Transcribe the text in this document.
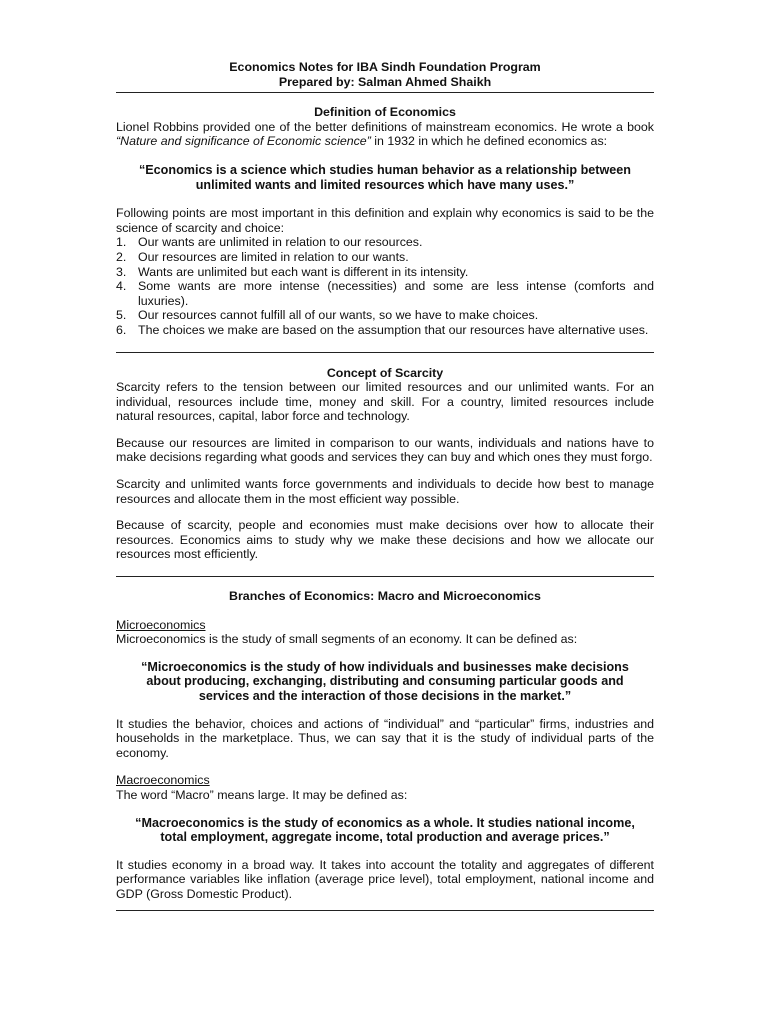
Economics Notes for IBA Sindh Foundation Program
Prepared by: Salman Ahmed Shaikh
Definition of Economics

Lionel Robbins provided one of the better definitions of mainstream economics. He wrote a book “Nature and significance of Economic science” in 1932 in which he defined economics as:

“Economics is a science which studies human behavior as a relationship between unlimited wants and limited resources which have many uses.”

Following points are most important in this definition and explain why economics is said to be the science of scarcity and choice:

1. Our wants are unlimited in relation to our resources.
2. Our resources are limited in relation to our wants.
3. Wants are unlimited but each want is different in its intensity.
4. Some wants are more intense (necessities) and some are less intense (comforts and luxuries).
5. Our resources cannot fulfill all of our wants, so we have to make choices.
6. The choices we make are based on the assumption that our resources have alternative uses.
Concept of Scarcity

Scarcity refers to the tension between our limited resources and our unlimited wants. For an individual, resources include time, money and skill. For a country, limited resources include natural resources, capital, labor force and technology.

Because our resources are limited in comparison to our wants, individuals and nations have to make decisions regarding what goods and services they can buy and which ones they must forgo.

Scarcity and unlimited wants force governments and individuals to decide how best to manage resources and allocate them in the most efficient way possible.

Because of scarcity, people and economies must make decisions over how to allocate their resources. Economics aims to study why we make these decisions and how we allocate our resources most efficiently.

Branches of Economics: Macro and Microeconomics

Microeconomics

Microeconomics is the study of small segments of an economy. It can be defined as:

“Microeconomics is the study of how individuals and businesses make decisions about producing, exchanging, distributing and consuming particular goods and services and the interaction of those decisions in the market.”

It studies the behavior, choices and actions of “individual” and “particular” firms, industries and households in the marketplace. Thus, we can say that it is the study of individual parts of the economy.

Macroeconomics

The word “Macro” means large. It may be defined as:

“Macroeconomics is the study of economics as a whole. It studies national income, total employment, aggregate income, total production and average prices.”

It studies economy in a broad way. It takes into account the totality and aggregates of different performance variables like inflation (average price level), total employment, national income and GDP (Gross Domestic Product).
